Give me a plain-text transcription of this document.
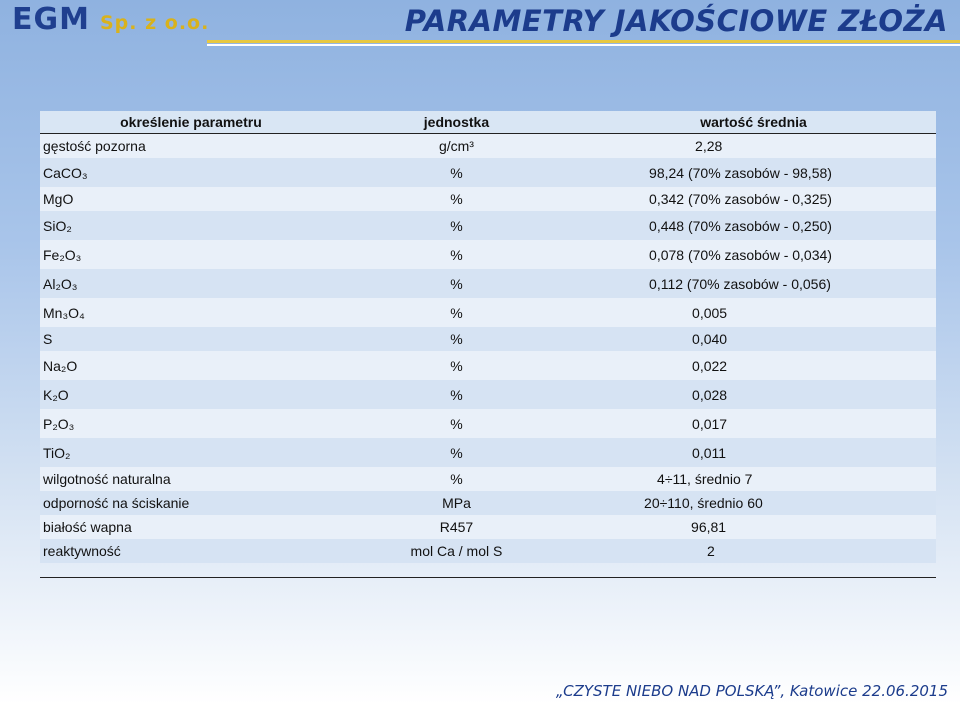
EGM Sp. z o.o.	PARAMETRY JAKOŚCIOWE ZŁOŻA
określenie parametru	jednostka	wartość średnia
gęstość pozorna	g/cm³	2,28
CaCO₃	%	98,24 (70% zasobów - 98,58)
MgO	%	0,342 (70% zasobów - 0,325)
SiO₂	%	0,448 (70% zasobów - 0,250)
Fe₂O₃	%	0,078 (70% zasobów - 0,034)
Al₂O₃	%	0,112 (70% zasobów - 0,056)
Mn₃O₄	%	0,005
S	%	0,040
Na₂O	%	0,022
K₂O	%	0,028
P₂O₃	%	0,017
TiO₂	%	0,011
wilgotność naturalna	%	4÷11, średnio 7
odporność na ściskanie	MPa	20÷110, średnio 60
białość wapna	R457	96,81
reaktywność	mol Ca / mol S	2
„CZYSTE NIEBO NAD POLSKĄ”, Katowice 22.06.2015
